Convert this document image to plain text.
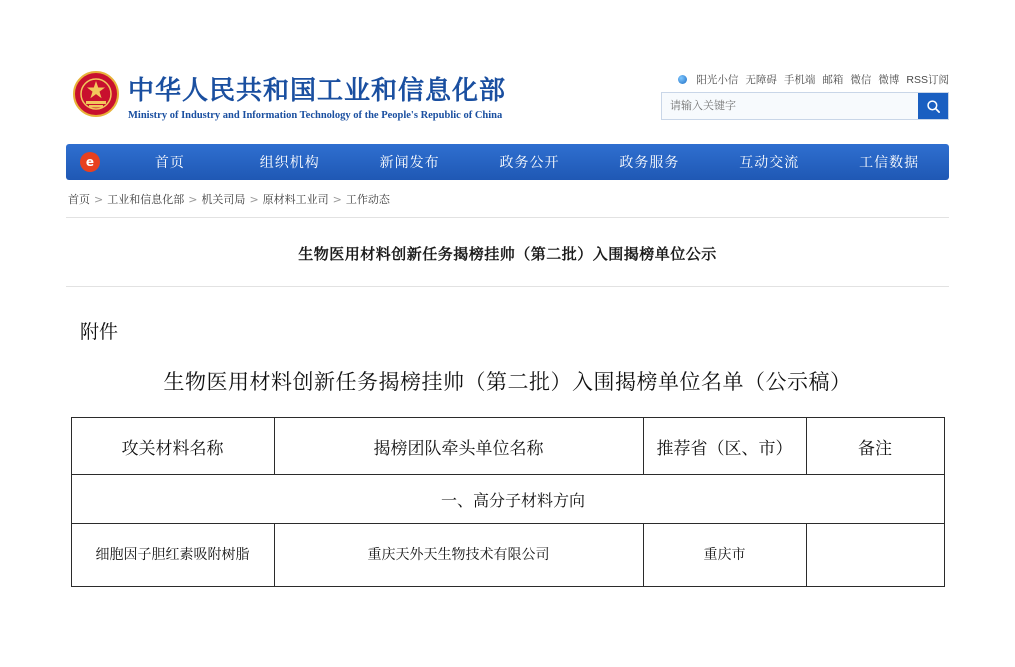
中华人民共和国工业和信息化部
Ministry of Industry and Information Technology of the People's Republic of China
阳光小信 无障碍 手机端 邮箱 微信 微博 RSS订阅
请输入关键字
e	首页	组织机构	新闻发布	政务公开	政务服务	互动交流	工信数据
首页 > 工业和信息化部 > 机关司局 > 原材料工业司 > 工作动态
生物医用材料创新任务揭榜挂帅（第二批）入围揭榜单位公示
附件
生物医用材料创新任务揭榜挂帅（第二批）入围揭榜单位名单（公示稿）
攻关材料名称	揭榜团队牵头单位名称	推荐省（区、市）	备注
一、高分子材料方向			
细胞因子胆红素吸附树脂	重庆天外天生物技术有限公司	重庆市	
